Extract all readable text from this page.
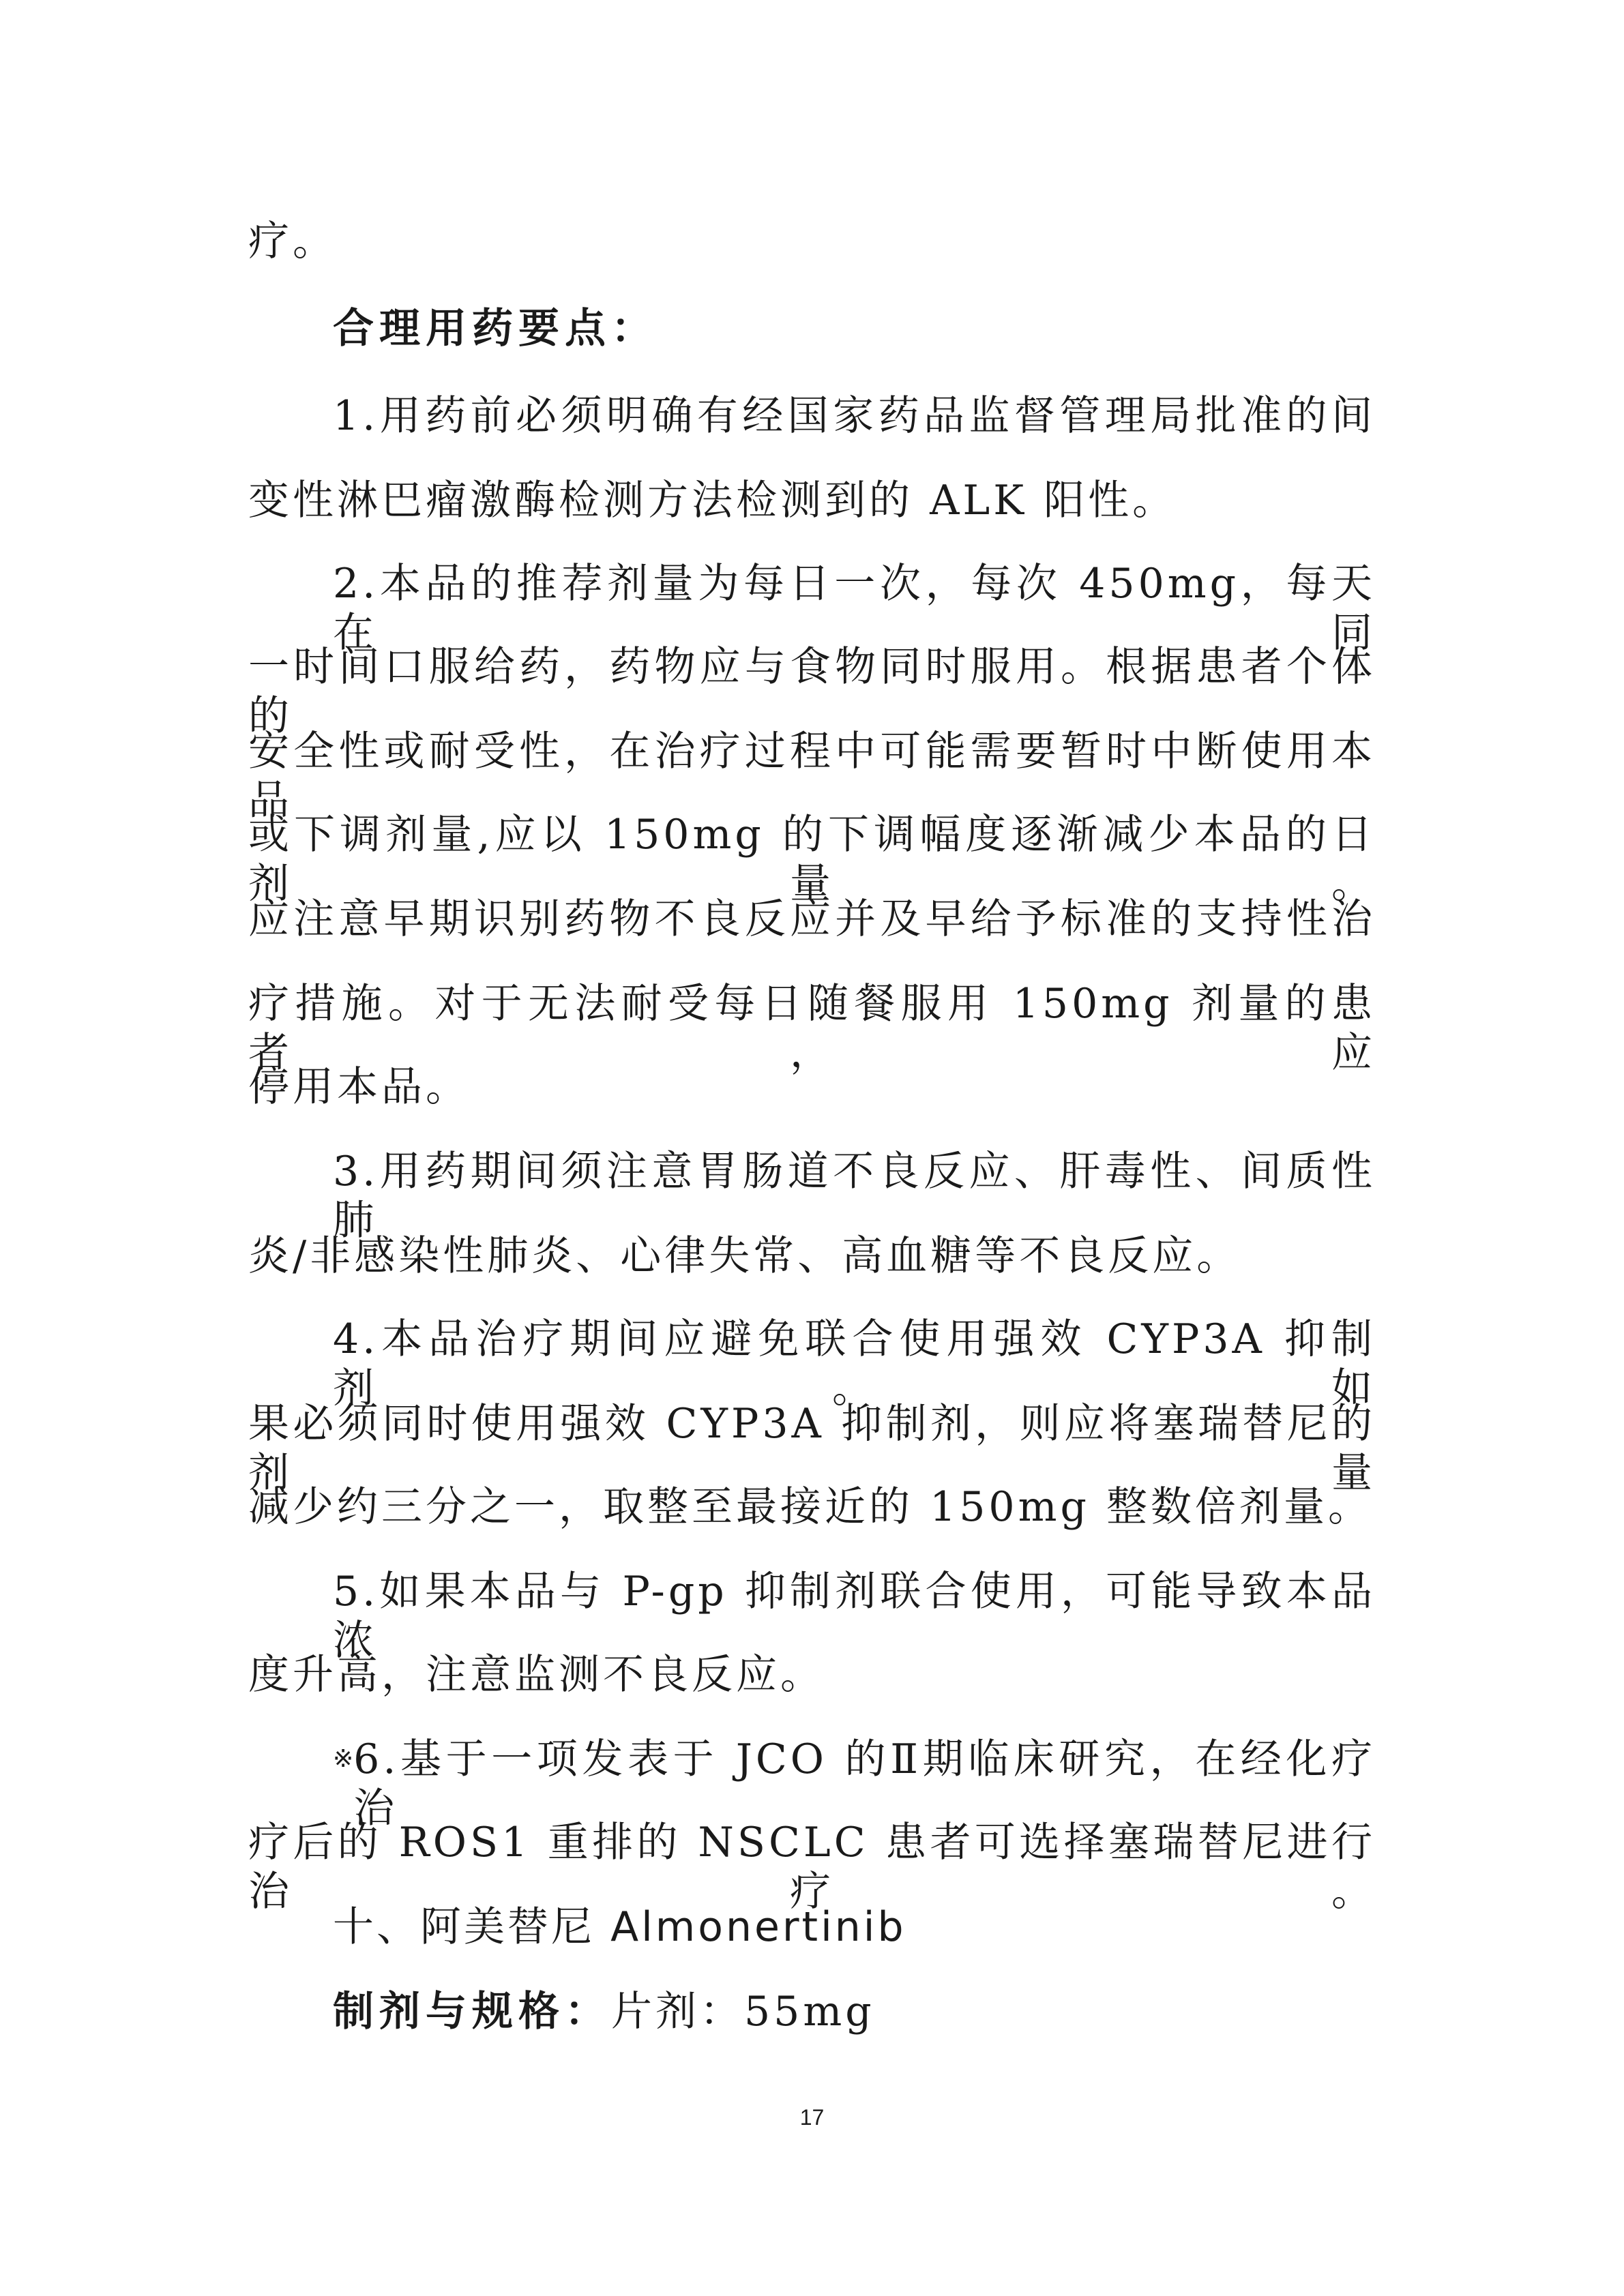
疗。
合理用药要点：
1.用药前必须明确有经国家药品监督管理局批准的间
变性淋巴瘤激酶检测方法检测到的 ALK 阳性。
2.本品的推荐剂量为每日一次，每次 450mg，每天在同
一时间口服给药，药物应与食物同时服用。根据患者个体的
安全性或耐受性，在治疗过程中可能需要暂时中断使用本品
或下调剂量,应以 150mg 的下调幅度逐渐减少本品的日剂量。
应注意早期识别药物不良反应并及早给予标准的支持性治
疗措施。对于无法耐受每日随餐服用 150mg 剂量的患者，应
停用本品。
3.用药期间须注意胃肠道不良反应、肝毒性、间质性肺
炎/非感染性肺炎、心律失常、高血糖等不良反应。
4.本品治疗期间应避免联合使用强效 CYP3A 抑制剂。如
果必须同时使用强效 CYP3A 抑制剂，则应将塞瑞替尼的剂量
减少约三分之一，取整至最接近的 150mg 整数倍剂量。
5.如果本品与 P-gp 抑制剂联合使用，可能导致本品浓
度升高，注意监测不良反应。
※ 6.基于一项发表于 JCO 的Ⅱ期临床研究，在经化疗治
疗后的 ROS1 重排的 NSCLC 患者可选择塞瑞替尼进行治疗。
十、阿美替尼 Almonertinib
制剂与规格：片剂：55mg
17
